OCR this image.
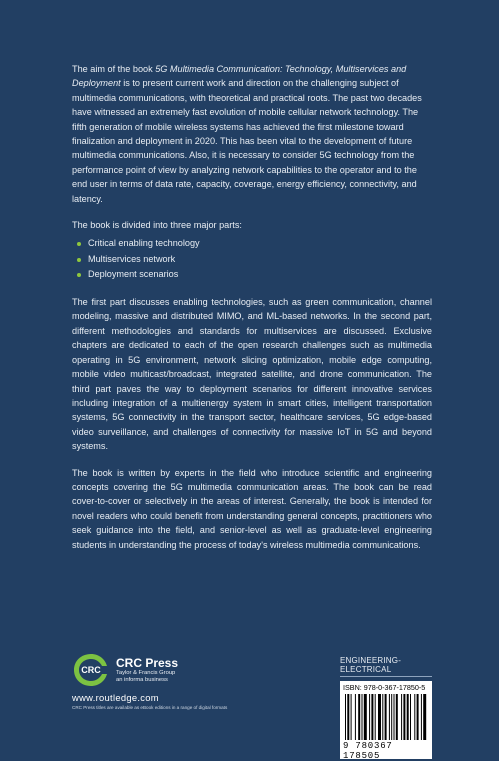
The aim of the book 5G Multimedia Communication: Technology, Multiservices and Deployment is to present current work and direction on the challenging subject of multimedia communications, with theoretical and practical roots. The past two decades have witnessed an extremely fast evolution of mobile cellular network technology. The fifth generation of mobile wireless systems has achieved the first milestone toward finalization and deployment in 2020. This has been vital to the development of future multimedia communications. Also, it is necessary to consider 5G technology from the performance point of view by analyzing network capabilities to the operator and to the end user in terms of data rate, capacity, coverage, energy efficiency, connectivity, and latency.

The book is divided into three major parts:

Critical enabling technology
Multiservices network
Deployment scenarios

The first part discusses enabling technologies, such as green communication, channel modeling, massive and distributed MIMO, and ML-based networks. In the second part, different methodologies and standards for multiservices are discussed. Exclusive chapters are dedicated to each of the open research challenges such as multimedia operating in 5G environment, network slicing optimization, mobile edge computing, mobile video multicast/broadcast, integrated satellite, and drone communication. The third part paves the way to deployment scenarios for different innovative services including integration of a multienergy system in smart cities, intelligent transportation systems, 5G connectivity in the transport sector, healthcare services, 5G edge-based video surveillance, and challenges of connectivity for massive IoT in 5G and beyond systems.

The book is written by experts in the field who introduce scientific and engineering concepts covering the 5G multimedia communication areas. The book can be read cover-to-cover or selectively in the areas of interest. Generally, the book is intended for novel readers who could benefit from understanding general concepts, practitioners who seek guidance into the field, and senior-level as well as graduate-level engineering students in understanding the process of today's wireless multimedia communications.

CRC
CRC Press
Taylor & Francis Group
an informa business
www.routledge.com
CRC Press titles are available as eBook editions in a range of digital formats
ENGINEERING-ELECTRICAL
ISBN: 978-0-367-17850-5
9 780367 178505
